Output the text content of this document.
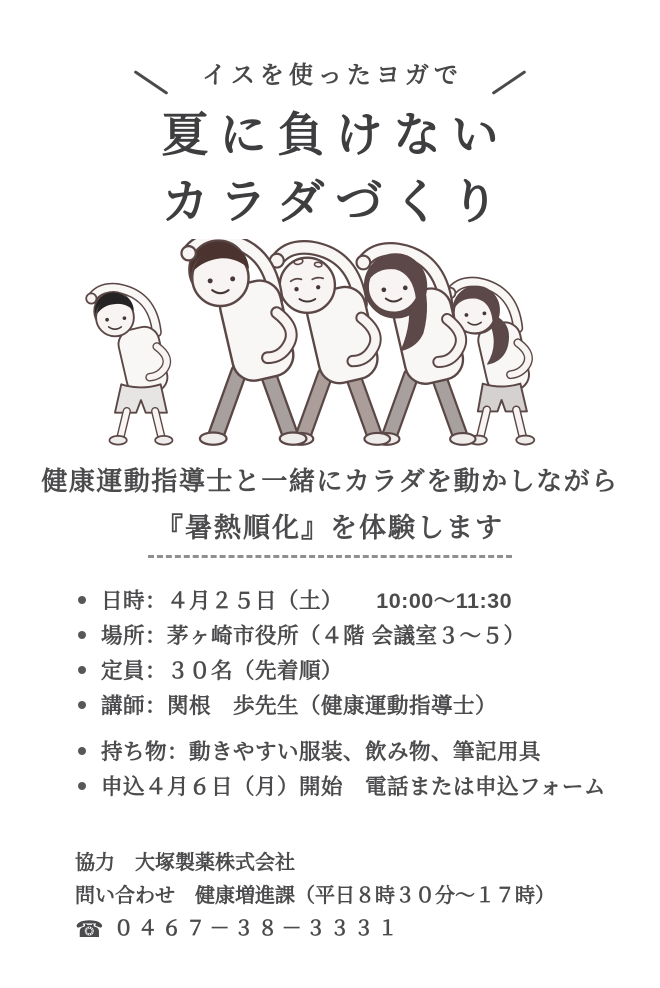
イスを使ったヨガで
夏に負けない
カラダづくり
健康運動指導士と一緒にカラダを動かしながら
『暑熱順化』を体験します
日時：４月２５日（土）　　10:00～11:30
場所：茅ヶ崎市役所（４階 会議室３～５）
定員：３０名（先着順）
講師：関根　歩先生（健康運動指導士）
持ち物：動きやすい服装、飲み物、筆記用具
申込４月６日（月）開始　電話または申込フォーム
協力　大塚製薬株式会社
問い合わせ　健康増進課（平日８時３０分～１７時）
☎ ０４６７－３８－３３３１
